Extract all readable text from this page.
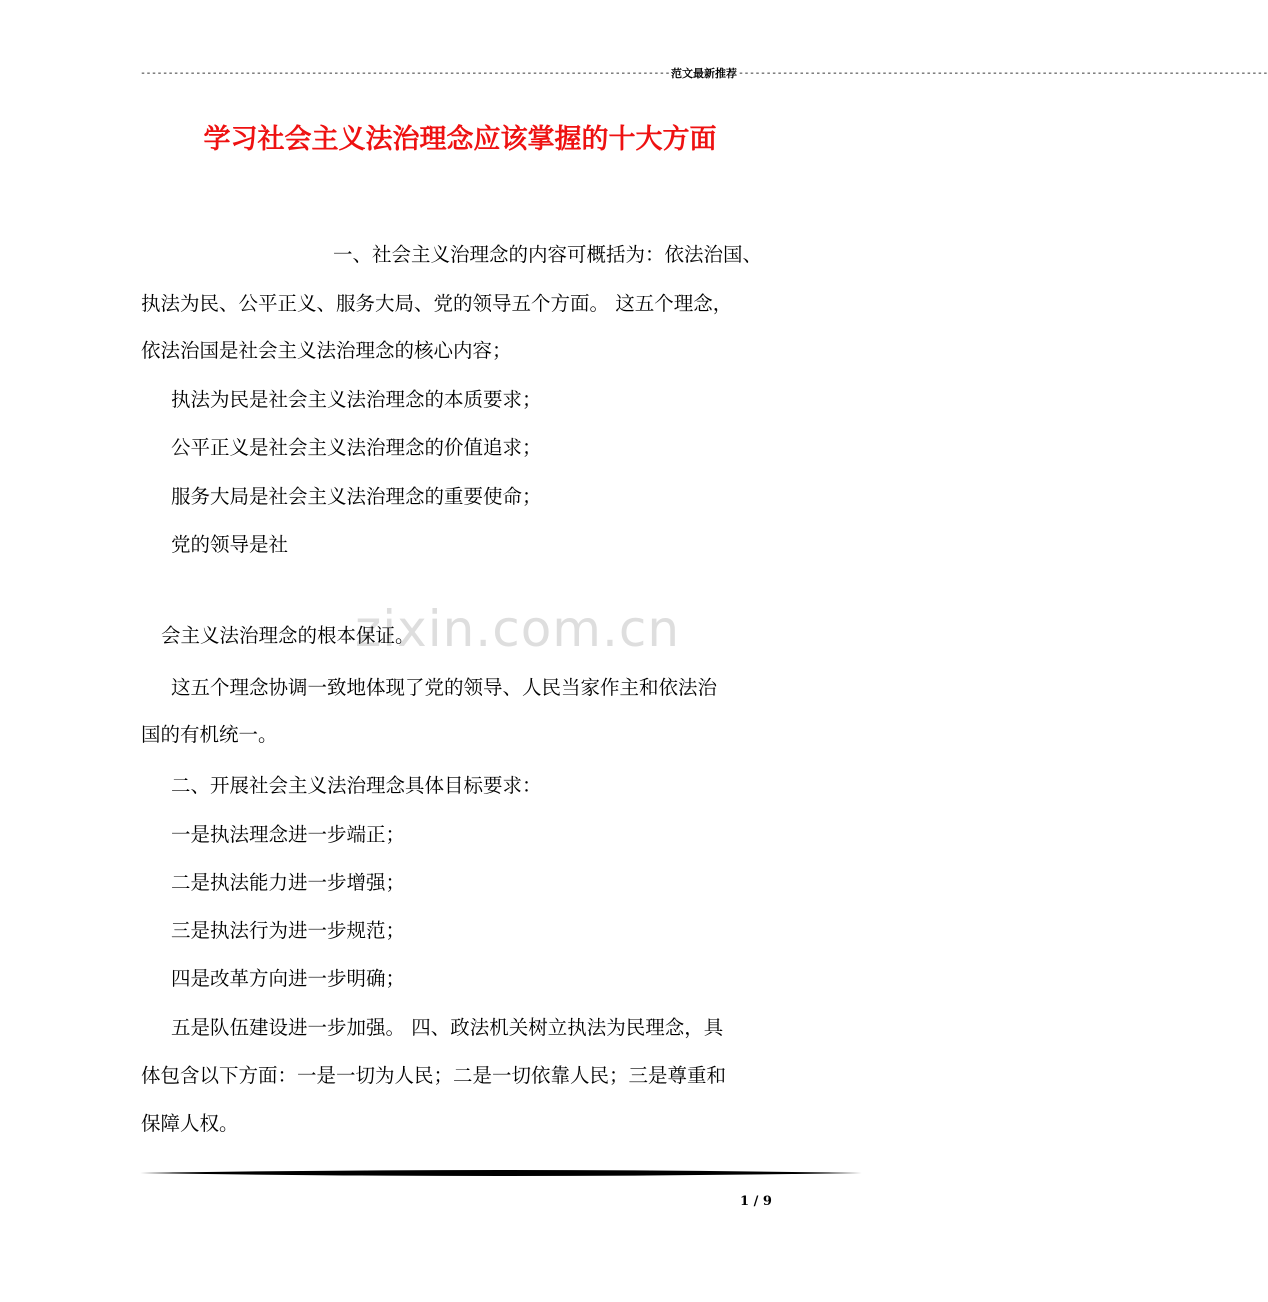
------------------------------------------------------------------------------------------------ 范文最新推荐 ------------------------------------------------------------------------------------------------
学习社会主义法治理念应该掌握的十大方面
zixin.com.cn

一、社会主义治理念的内容可概括为：依法治国、

执法为民、公平正义、服务大局、党的领导五个方面。 这五个理念，

依法治国是社会主义法治理念的核心内容；

执法为民是社会主义法治理念的本质要求；

公平正义是社会主义法治理念的价值追求；

服务大局是社会主义法治理念的重要使命；

党的领导是社

会主义法治理念的根本保证。

这五个理念协调一致地体现了党的领导、人民当家作主和依法治

国的有机统一。

二、开展社会主义法治理念具体目标要求：

一是执法理念进一步端正；

二是执法能力进一步增强；

三是执法行为进一步规范；

四是改革方向进一步明确；

五是队伍建设进一步加强。 四、政法机关树立执法为民理念，具

体包含以下方面：一是一切为人民；二是一切依靠人民；三是尊重和

保障人权。

1 / 9
